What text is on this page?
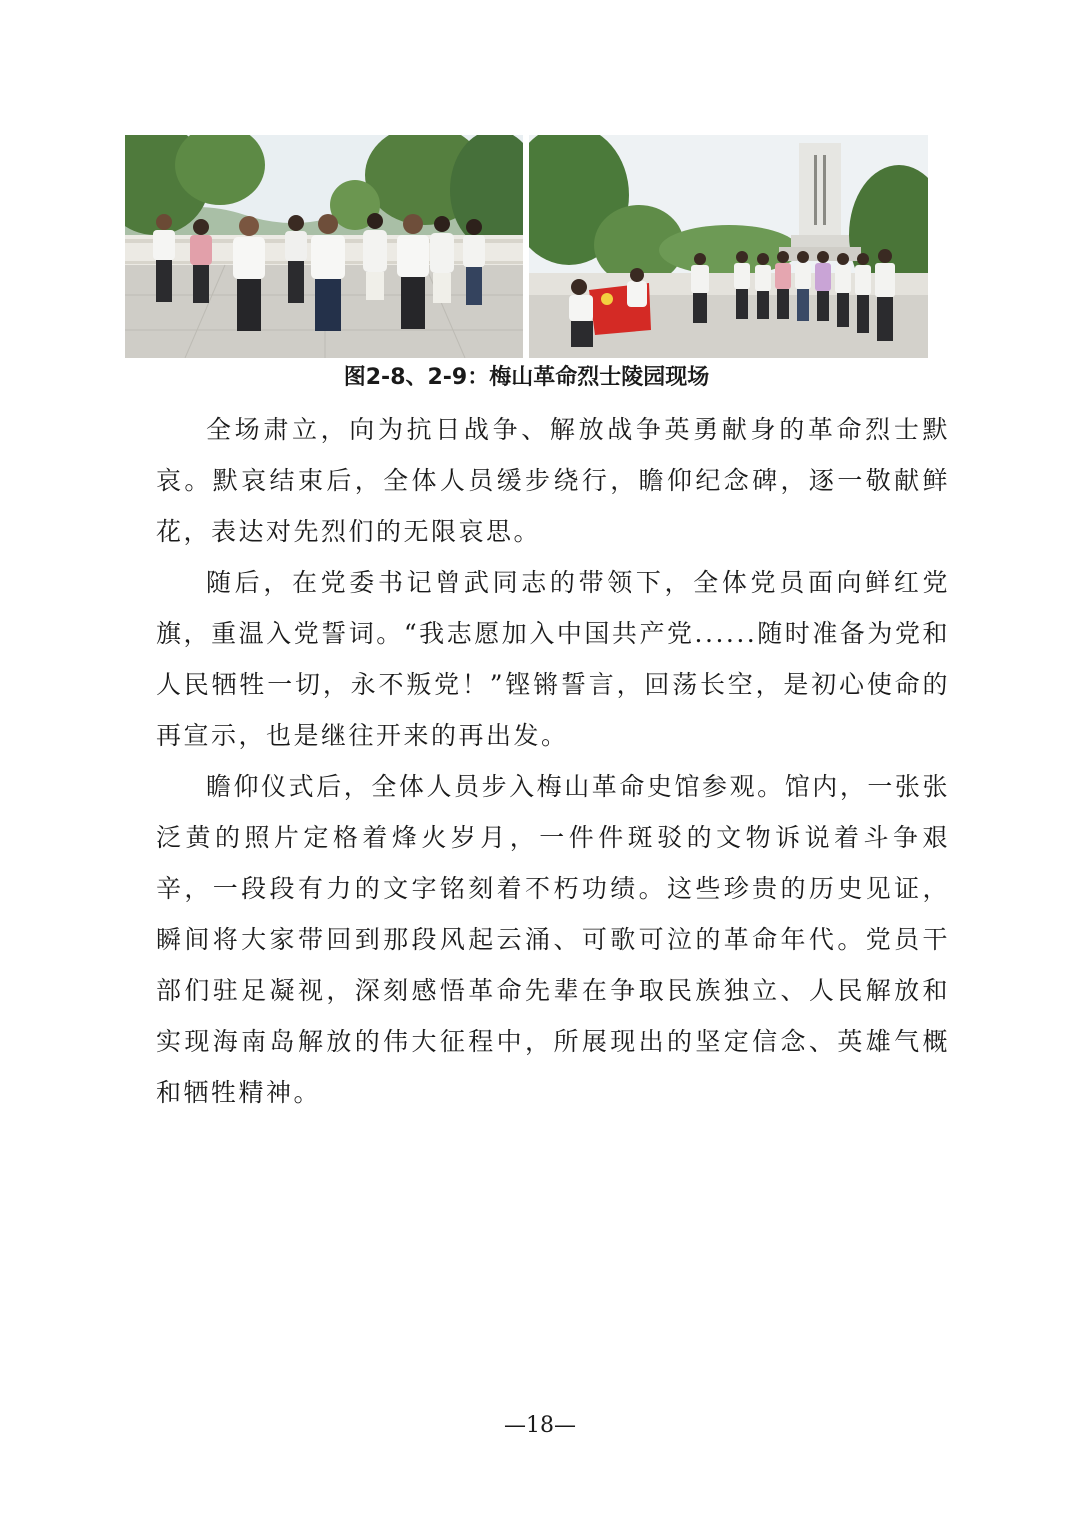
图2-8、2-9：梅山革命烈士陵园现场

全场肃立，向为抗日战争、解放战争英勇献身的革命烈士默哀。默哀结束后，全体人员缓步绕行，瞻仰纪念碑，逐一敬献鲜花，表达对先烈们的无限哀思。

随后，在党委书记曾武同志的带领下，全体党员面向鲜红党旗，重温入党誓词。“我志愿加入中国共产党......随时准备为党和人民牺牲一切，永不叛党！”铿锵誓言，回荡长空，是初心使命的再宣示，也是继往开来的再出发。

瞻仰仪式后，全体人员步入梅山革命史馆参观。馆内，一张张泛黄的照片定格着烽火岁月，一件件斑驳的文物诉说着斗争艰辛，一段段有力的文字铭刻着不朽功绩。这些珍贵的历史见证，瞬间将大家带回到那段风起云涌、可歌可泣的革命年代。党员干部们驻足凝视，深刻感悟革命先辈在争取民族独立、人民解放和实现海南岛解放的伟大征程中，所展现出的坚定信念、英雄气概和牺牲精神。

—18—
